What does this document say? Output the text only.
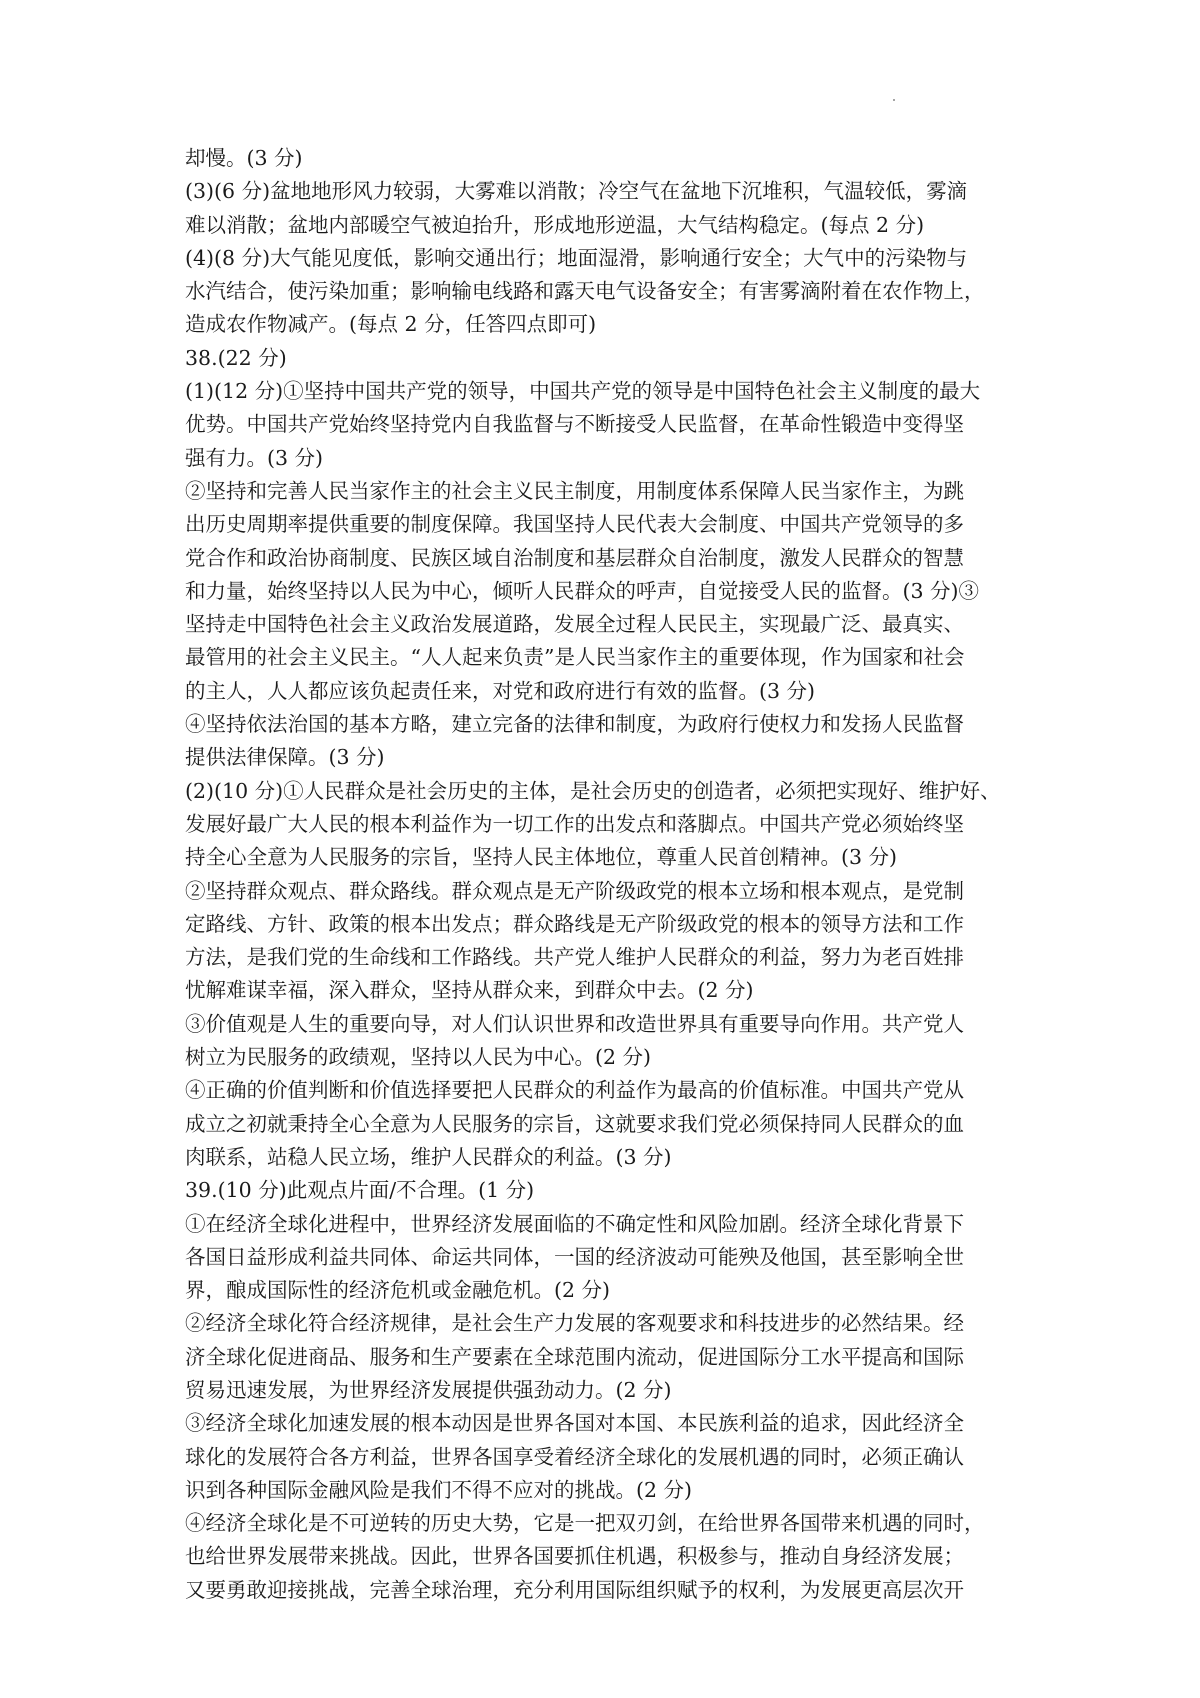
却慢。(3 分)
(3)(6 分)盆地地形风力较弱，大雾难以消散；冷空气在盆地下沉堆积，气温较低，雾滴
难以消散；盆地内部暖空气被迫抬升，形成地形逆温，大气结构稳定。(每点 2 分)
(4)(8 分)大气能见度低，影响交通出行；地面湿滑，影响通行安全；大气中的污染物与
水汽结合，使污染加重；影响输电线路和露天电气设备安全；有害雾滴附着在农作物上，
造成农作物减产。(每点 2 分，任答四点即可)
38.(22 分)
(1)(12 分)①坚持中国共产党的领导，中国共产党的领导是中国特色社会主义制度的最大
优势。中国共产党始终坚持党内自我监督与不断接受人民监督，在革命性锻造中变得坚
强有力。(3 分)
②坚持和完善人民当家作主的社会主义民主制度，用制度体系保障人民当家作主，为跳
出历史周期率提供重要的制度保障。我国坚持人民代表大会制度、中国共产党领导的多
党合作和政治协商制度、民族区域自治制度和基层群众自治制度，激发人民群众的智慧
和力量，始终坚持以人民为中心，倾听人民群众的呼声，自觉接受人民的监督。(3 分)③
坚持走中国特色社会主义政治发展道路，发展全过程人民民主，实现最广泛、最真实、
最管用的社会主义民主。“人人起来负责”是人民当家作主的重要体现，作为国家和社会
的主人，人人都应该负起责任来，对党和政府进行有效的监督。(3 分)
④坚持依法治国的基本方略，建立完备的法律和制度，为政府行使权力和发扬人民监督
提供法律保障。(3 分)
(2)(10 分)①人民群众是社会历史的主体，是社会历史的创造者，必须把实现好、维护好、
发展好最广大人民的根本利益作为一切工作的出发点和落脚点。中国共产党必须始终坚
持全心全意为人民服务的宗旨，坚持人民主体地位，尊重人民首创精神。(3 分)
②坚持群众观点、群众路线。群众观点是无产阶级政党的根本立场和根本观点，是党制
定路线、方针、政策的根本出发点；群众路线是无产阶级政党的根本的领导方法和工作
方法，是我们党的生命线和工作路线。共产党人维护人民群众的利益，努力为老百姓排
忧解难谋幸福，深入群众，坚持从群众来，到群众中去。(2 分)
③价值观是人生的重要向导，对人们认识世界和改造世界具有重要导向作用。共产党人
树立为民服务的政绩观，坚持以人民为中心。(2 分)
④正确的价值判断和价值选择要把人民群众的利益作为最高的价值标准。中国共产党从
成立之初就秉持全心全意为人民服务的宗旨，这就要求我们党必须保持同人民群众的血
肉联系，站稳人民立场，维护人民群众的利益。(3 分)
39.(10 分)此观点片面/不合理。(1 分)
①在经济全球化进程中，世界经济发展面临的不确定性和风险加剧。经济全球化背景下
各国日益形成利益共同体、命运共同体，一国的经济波动可能殃及他国，甚至影响全世
界，酿成国际性的经济危机或金融危机。(2 分)
②经济全球化符合经济规律，是社会生产力发展的客观要求和科技进步的必然结果。经
济全球化促进商品、服务和生产要素在全球范围内流动，促进国际分工水平提高和国际
贸易迅速发展，为世界经济发展提供强劲动力。(2 分)
③经济全球化加速发展的根本动因是世界各国对本国、本民族利益的追求，因此经济全
球化的发展符合各方利益，世界各国享受着经济全球化的发展机遇的同时，必须正确认
识到各种国际金融风险是我们不得不应对的挑战。(2 分)
④经济全球化是不可逆转的历史大势，它是一把双刃剑，在给世界各国带来机遇的同时，
也给世界发展带来挑战。因此，世界各国要抓住机遇，积极参与，推动自身经济发展；
又要勇敢迎接挑战，完善全球治理，充分利用国际组织赋予的权利，为发展更高层次开
